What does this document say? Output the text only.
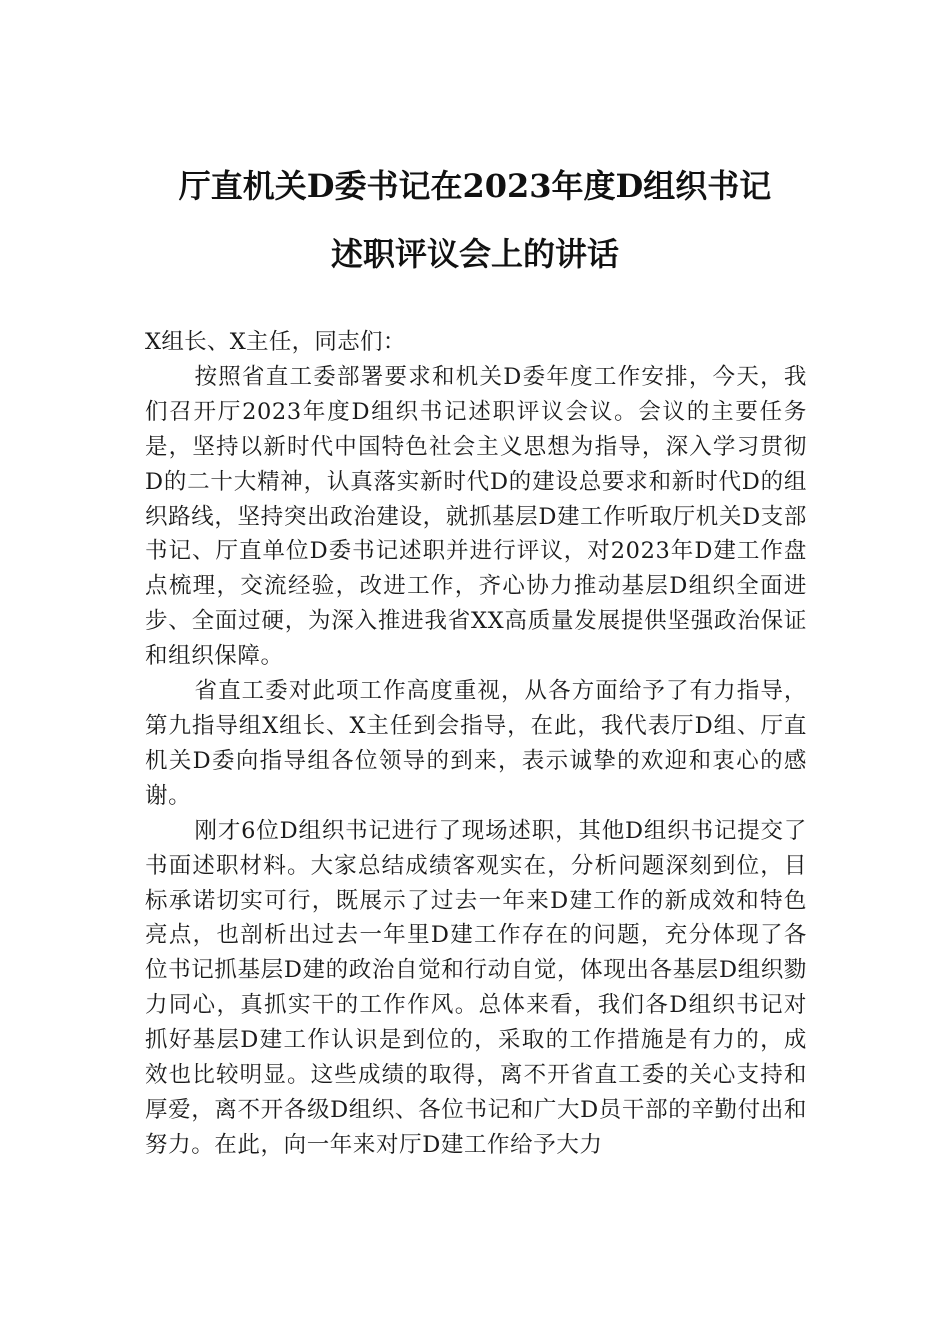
厅直机关D委书记在2023年度D组织书记
述职评议会上的讲话

X组长、X主任，同志们：

按照省直工委部署要求和机关D委年度工作安排，今天，我们召开厅2023年度D组织书记述职评议会议。会议的主要任务是，坚持以新时代中国特色社会主义思想为指导，深入学习贯彻D的二十大精神，认真落实新时代D的建设总要求和新时代D的组织路线，坚持突出政治建设，就抓基层D建工作听取厅机关D支部书记、厅直单位D委书记述职并进行评议，对2023年D建工作盘点梳理，交流经验，改进工作，齐心协力推动基层D组织全面进步、全面过硬，为深入推进我省XX高质量发展提供坚强政治保证和组织保障。

省直工委对此项工作高度重视，从各方面给予了有力指导，第九指导组X组长、X主任到会指导，在此，我代表厅D组、厅直机关D委向指导组各位领导的到来，表示诚挚的欢迎和衷心的感谢。

刚才6位D组织书记进行了现场述职，其他D组织书记提交了书面述职材料。大家总结成绩客观实在，分析问题深刻到位，目标承诺切实可行，既展示了过去一年来D建工作的新成效和特色亮点，也剖析出过去一年里D建工作存在的问题，充分体现了各位书记抓基层D建的政治自觉和行动自觉，体现出各基层D组织勠力同心，真抓实干的工作作风。总体来看，我们各D组织书记对抓好基层D建工作认识是到位的，采取的工作措施是有力的，成效也比较明显。这些成绩的取得，离不开省直工委的关心支持和厚爱，离不开各级D组织、各位书记和广大D员干部的辛勤付出和努力。在此，向一年来对厅D建工作给予大力
